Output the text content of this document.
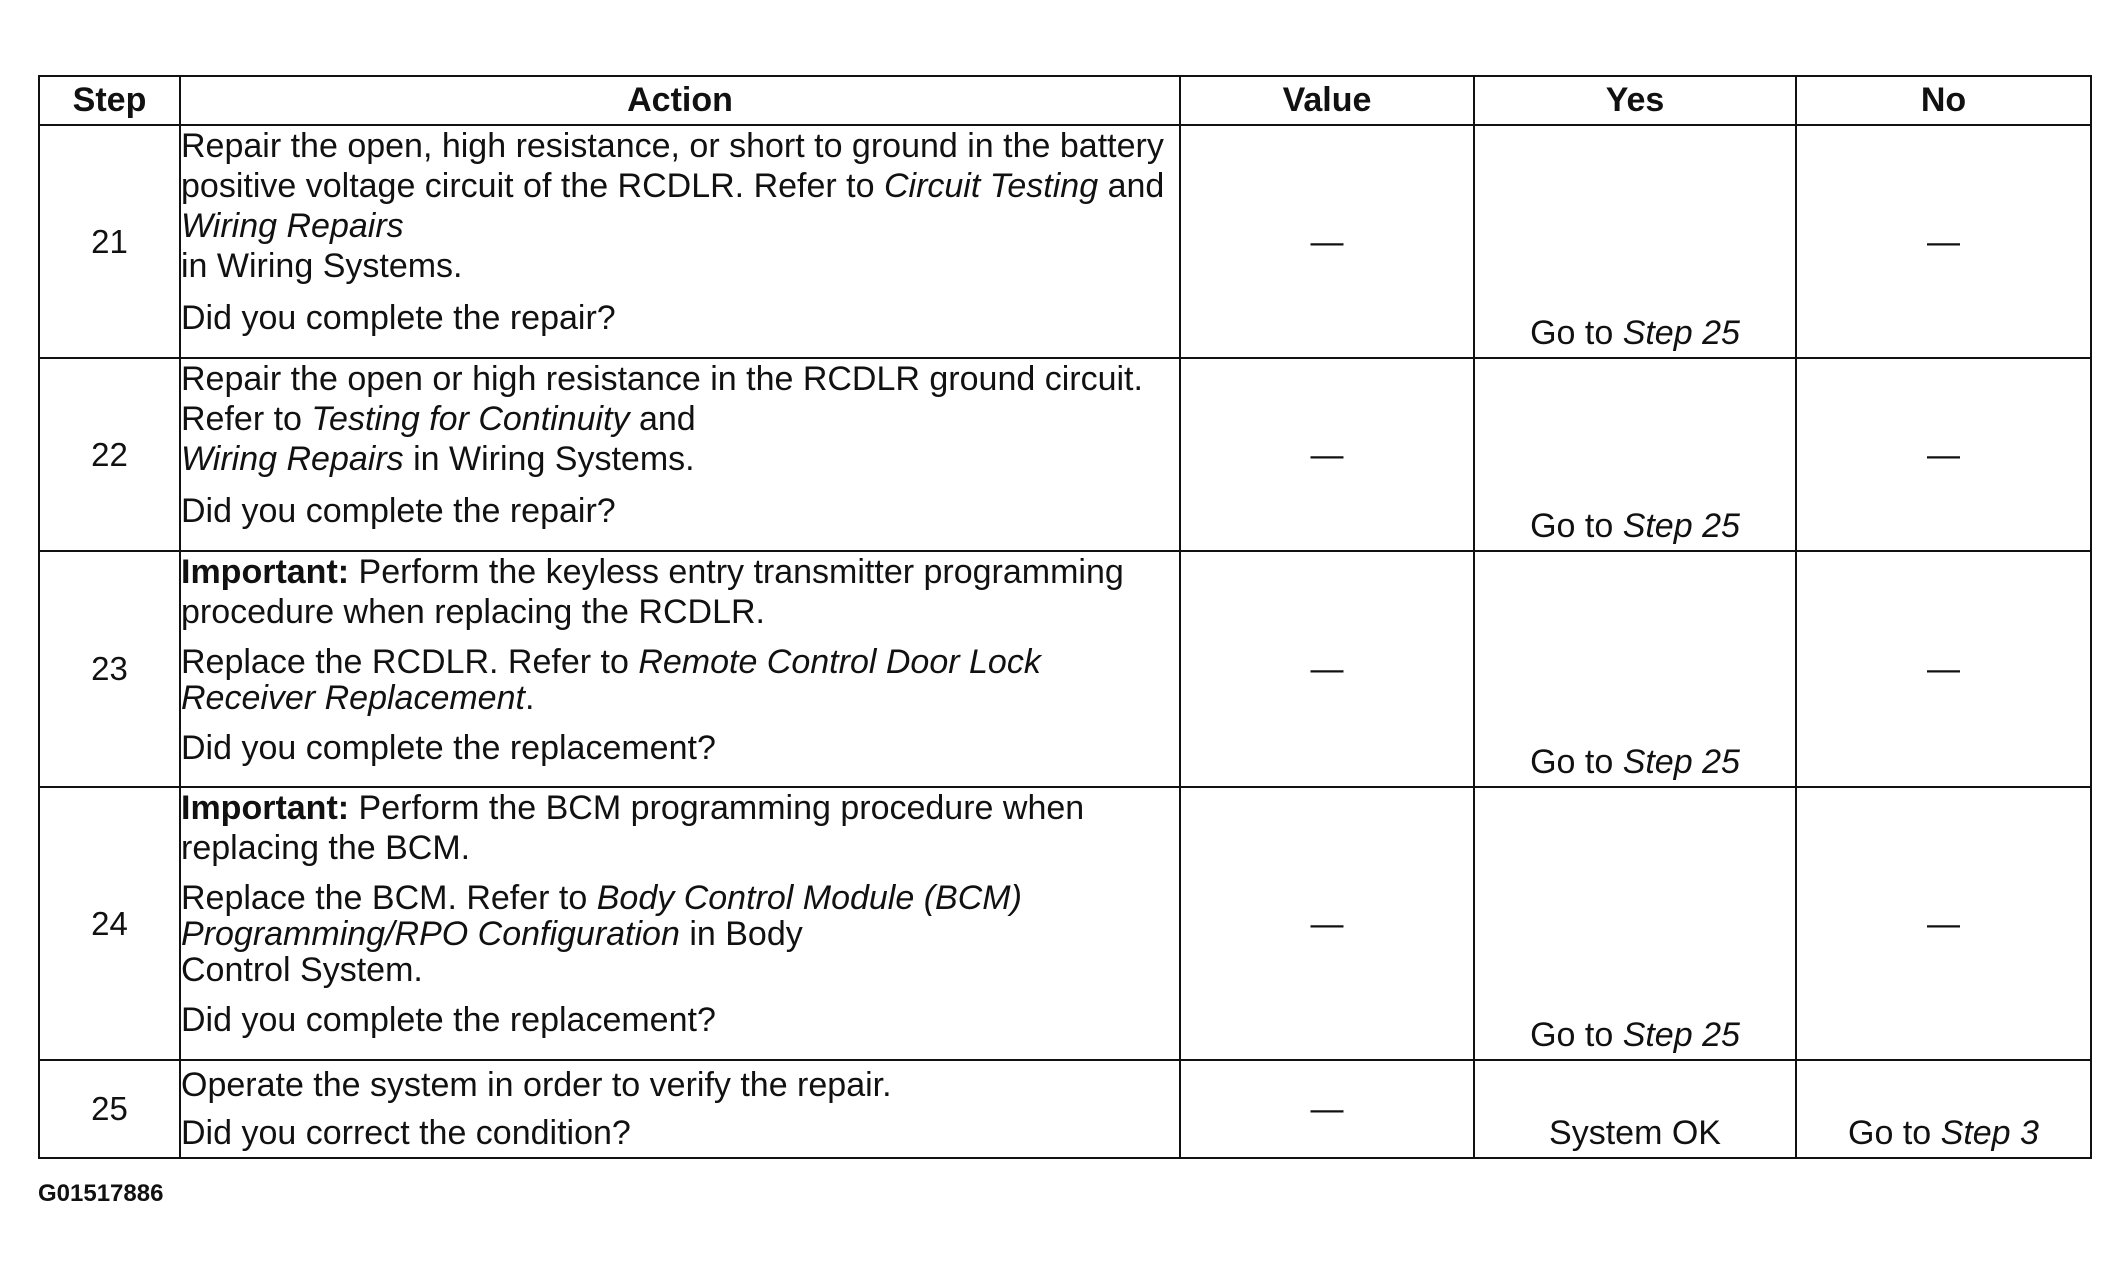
Step	Action	Value	Yes	No
21	Repair the open, high resistance, or short to ground in the battery positive voltage circuit of the RCDLR. Refer to Circuit Testing and Wiring Repairs
in Wiring Systems.

Did you complete the repair?	—	Go to Step 25	—
22	Repair the open or high resistance in the RCDLR ground circuit. Refer to Testing for Continuity and
Wiring Repairs in Wiring Systems.

Did you complete the repair?	—	Go to Step 25	—
23	Important: Perform the keyless entry transmitter programming procedure when replacing the RCDLR.

Replace the RCDLR. Refer to Remote Control Door Lock Receiver Replacement.

Did you complete the replacement?	—	Go to Step 25	—
24	Important: Perform the BCM programming procedure when replacing the BCM.

Replace the BCM. Refer to Body Control Module (BCM) Programming/RPO Configuration in Body
Control System.

Did you complete the replacement?	—	Go to Step 25	—
25	Operate the system in order to verify the repair.

Did you correct the condition?	—	System OK	Go to Step 3
G01517886
